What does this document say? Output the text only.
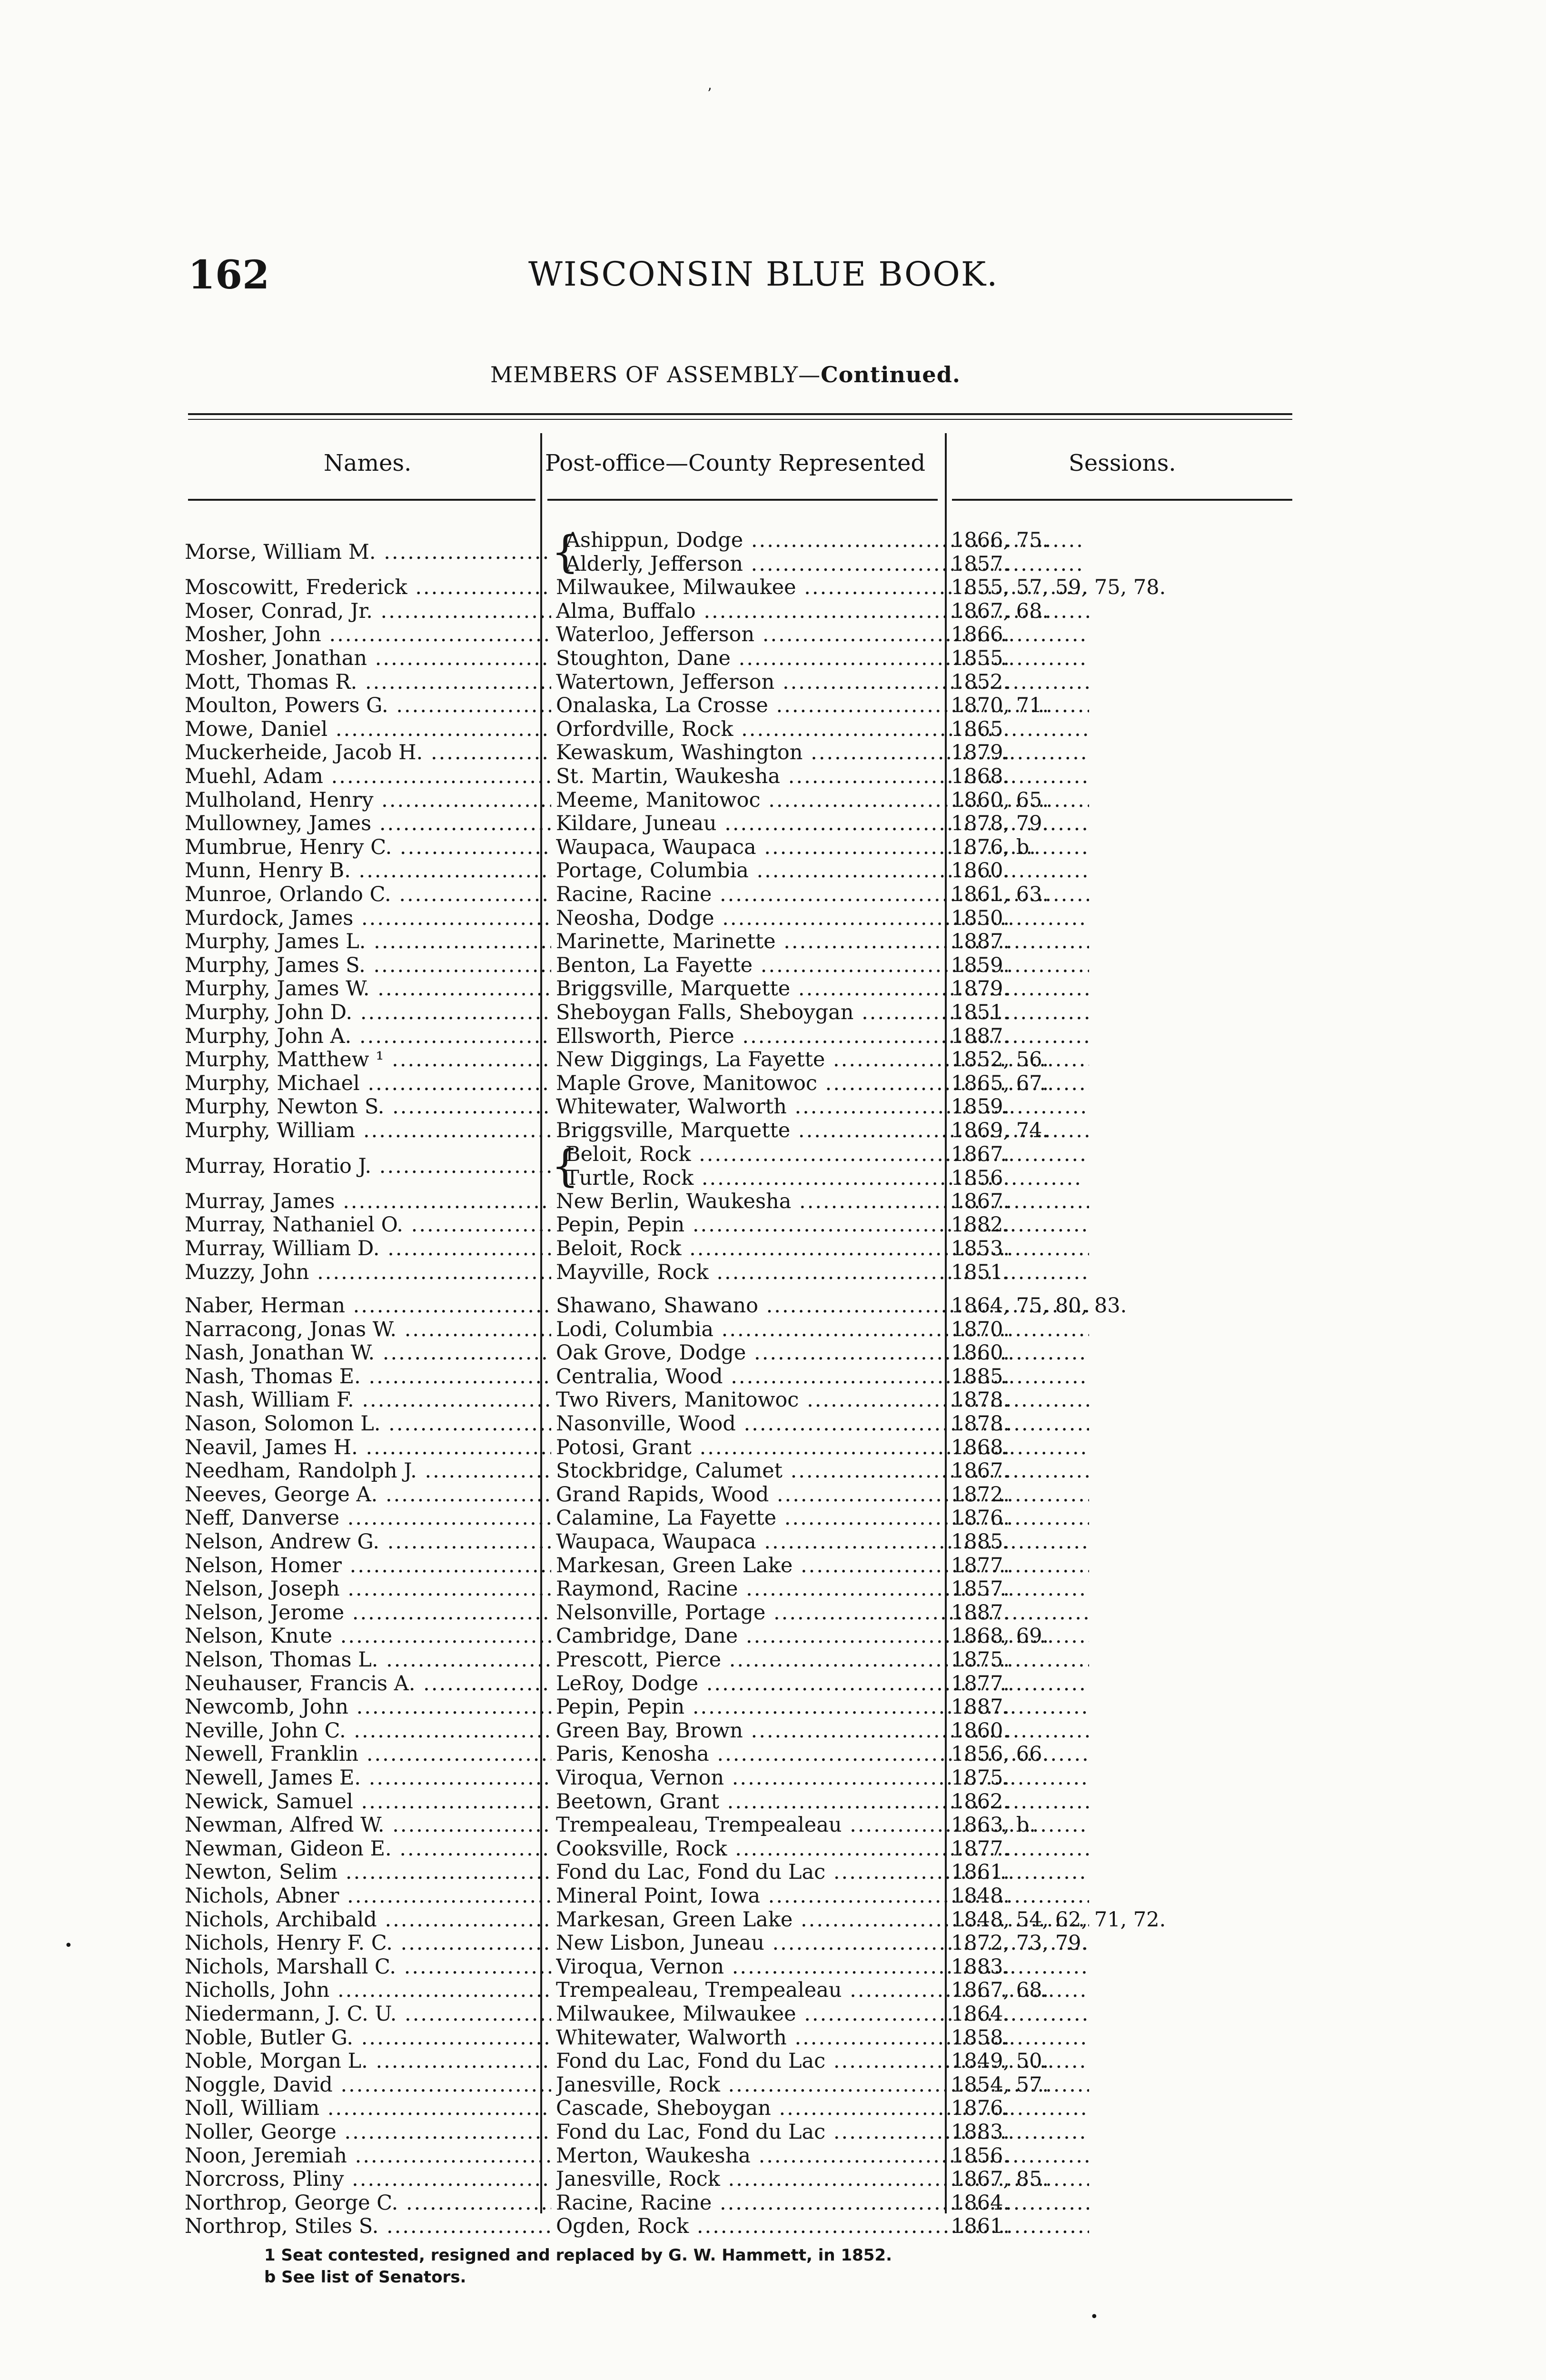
162	WISCONSIN BLUE BOOK.
MEMBERS OF ASSEMBLY—Continued.
Names.	Post-office—County Represented	Sessions.
Morse, William M. .....	{
Ashippun, Dodge .....	1866, 75.
Alderly, Jefferson .....	1857.
Moscowitt, Frederick .....	Milwaukee, Milwaukee .....	1855, 57, 59, 75, 78.
Moser, Conrad, Jr. .....	Alma, Buffalo .....	1867, 68.
Mosher, John .....	Waterloo, Jefferson .....	1866.
Mosher, Jonathan .....	Stoughton, Dane .....	1855.
Mott, Thomas R. .....	Watertown, Jefferson .....	1852.
Moulton, Powers G. .....	Onalaska, La Crosse .....	1870, 71.
Mowe, Daniel .....	Orfordville, Rock .....	1865.
Muckerheide, Jacob H. .....	Kewaskum, Washington .....	1879.
Muehl, Adam .....	St. Martin, Waukesha .....	1868.
Mulholand, Henry .....	Meeme, Manitowoc .....	1860, 65.
Mullowney, James .....	Kildare, Juneau .....	1878, 79.
Mumbrue, Henry C. .....	Waupaca, Waupaca .....	1876, b.
Munn, Henry B. .....	Portage, Columbia .....	1860.
Munroe, Orlando C. .....	Racine, Racine .....	1861, 63.
Murdock, James .....	Neosha, Dodge .....	1850.
Murphy, James L. .....	Marinette, Marinette .....	1887.
Murphy, James S. .....	Benton, La Fayette .....	1859.
Murphy, James W. .....	Briggsville, Marquette .....	1879.
Murphy, John D. .....	Sheboygan Falls, Sheboygan .....	1851.
Murphy, John A. .....	Ellsworth, Pierce .....	1887.
Murphy, Matthew ¹ .....	New Diggings, La Fayette .....	1852, 56.
Murphy, Michael .....	Maple Grove, Manitowoc .....	1865, 67.
Murphy, Newton S. .....	Whitewater, Walworth .....	1859.
Murphy, William .....	Briggsville, Marquette .....	1869, 74.
Murray, Horatio J. .....	{
Beloit, Rock .....	1867.
Turtle, Rock .....	1856.
Murray, James .....	New Berlin, Waukesha .....	1867.
Murray, Nathaniel O. .....	Pepin, Pepin .....	1882.
Murray, William D. .....	Beloit, Rock .....	1853.
Muzzy, John .....	Mayville, Rock .....	1851.
Naber, Herman .....	Shawano, Shawano .....	1864, 75, 80, 83.
Narracong, Jonas W. .....	Lodi, Columbia .....	1870.
Nash, Jonathan W. .....	Oak Grove, Dodge .....	1860.
Nash, Thomas E. .....	Centralia, Wood .....	1885.
Nash, William F. .....	Two Rivers, Manitowoc .....	1878.
Nason, Solomon L. .....	Nasonville, Wood .....	1878.
Neavil, James H. .....	Potosi, Grant .....	1868.
Needham, Randolph J. .....	Stockbridge, Calumet .....	1867.
Neeves, George A. .....	Grand Rapids, Wood .....	1872.
Neff, Danverse .....	Calamine, La Fayette .....	1876.
Nelson, Andrew G. .....	Waupaca, Waupaca .....	1885.
Nelson, Homer .....	Markesan, Green Lake .....	1877.
Nelson, Joseph .....	Raymond, Racine .....	1857.
Nelson, Jerome .....	Nelsonville, Portage .....	1887.
Nelson, Knute .....	Cambridge, Dane .....	1868, 69.
Nelson, Thomas L. .....	Prescott, Pierce .....	1875.
Neuhauser, Francis A. .....	LeRoy, Dodge .....	1877.
Newcomb, John .....	Pepin, Pepin .....	1887.
Neville, John C. .....	Green Bay, Brown .....	1860.
Newell, Franklin .....	Paris, Kenosha .....	1856, 66.
Newell, James E. .....	Viroqua, Vernon .....	1875.
Newick, Samuel .....	Beetown, Grant .....	1862.
Newman, Alfred W. .....	Trempealeau, Trempealeau .....	1863, b.
Newman, Gideon E. .....	Cooksville, Rock .....	1877.
Newton, Selim .....	Fond du Lac, Fond du Lac .....	1861.
Nichols, Abner .....	Mineral Point, Iowa .....	1848.
Nichols, Archibald .....	Markesan, Green Lake .....	1848, 54, 62, 71, 72.
Nichols, Henry F. C. .....	New Lisbon, Juneau .....	1872, 73, 79.
Nichols, Marshall C. .....	Viroqua, Vernon .....	1883.
Nicholls, John .....	Trempealeau, Trempealeau .....	1867, 68.
Niedermann, J. C. U. .....	Milwaukee, Milwaukee .....	1864.
Noble, Butler G. .....	Whitewater, Walworth .....	1858.
Noble, Morgan L. .....	Fond du Lac, Fond du Lac .....	1849, 50.
Noggle, David .....	Janesville, Rock .....	1854, 57.
Noll, William .....	Cascade, Sheboygan .....	1876.
Noller, George .....	Fond du Lac, Fond du Lac .....	1883.
Noon, Jeremiah .....	Merton, Waukesha .....	1856.
Norcross, Pliny .....	Janesville, Rock .....	1867, 85.
Northrop, George C. .....	Racine, Racine .....	1864.
Northrop, Stiles S. .....	Ogden, Rock .....	1861.
1 Seat contested, resigned and replaced by G. W. Hammett, in 1852.
b See list of Senators.
ʼ
•
•
